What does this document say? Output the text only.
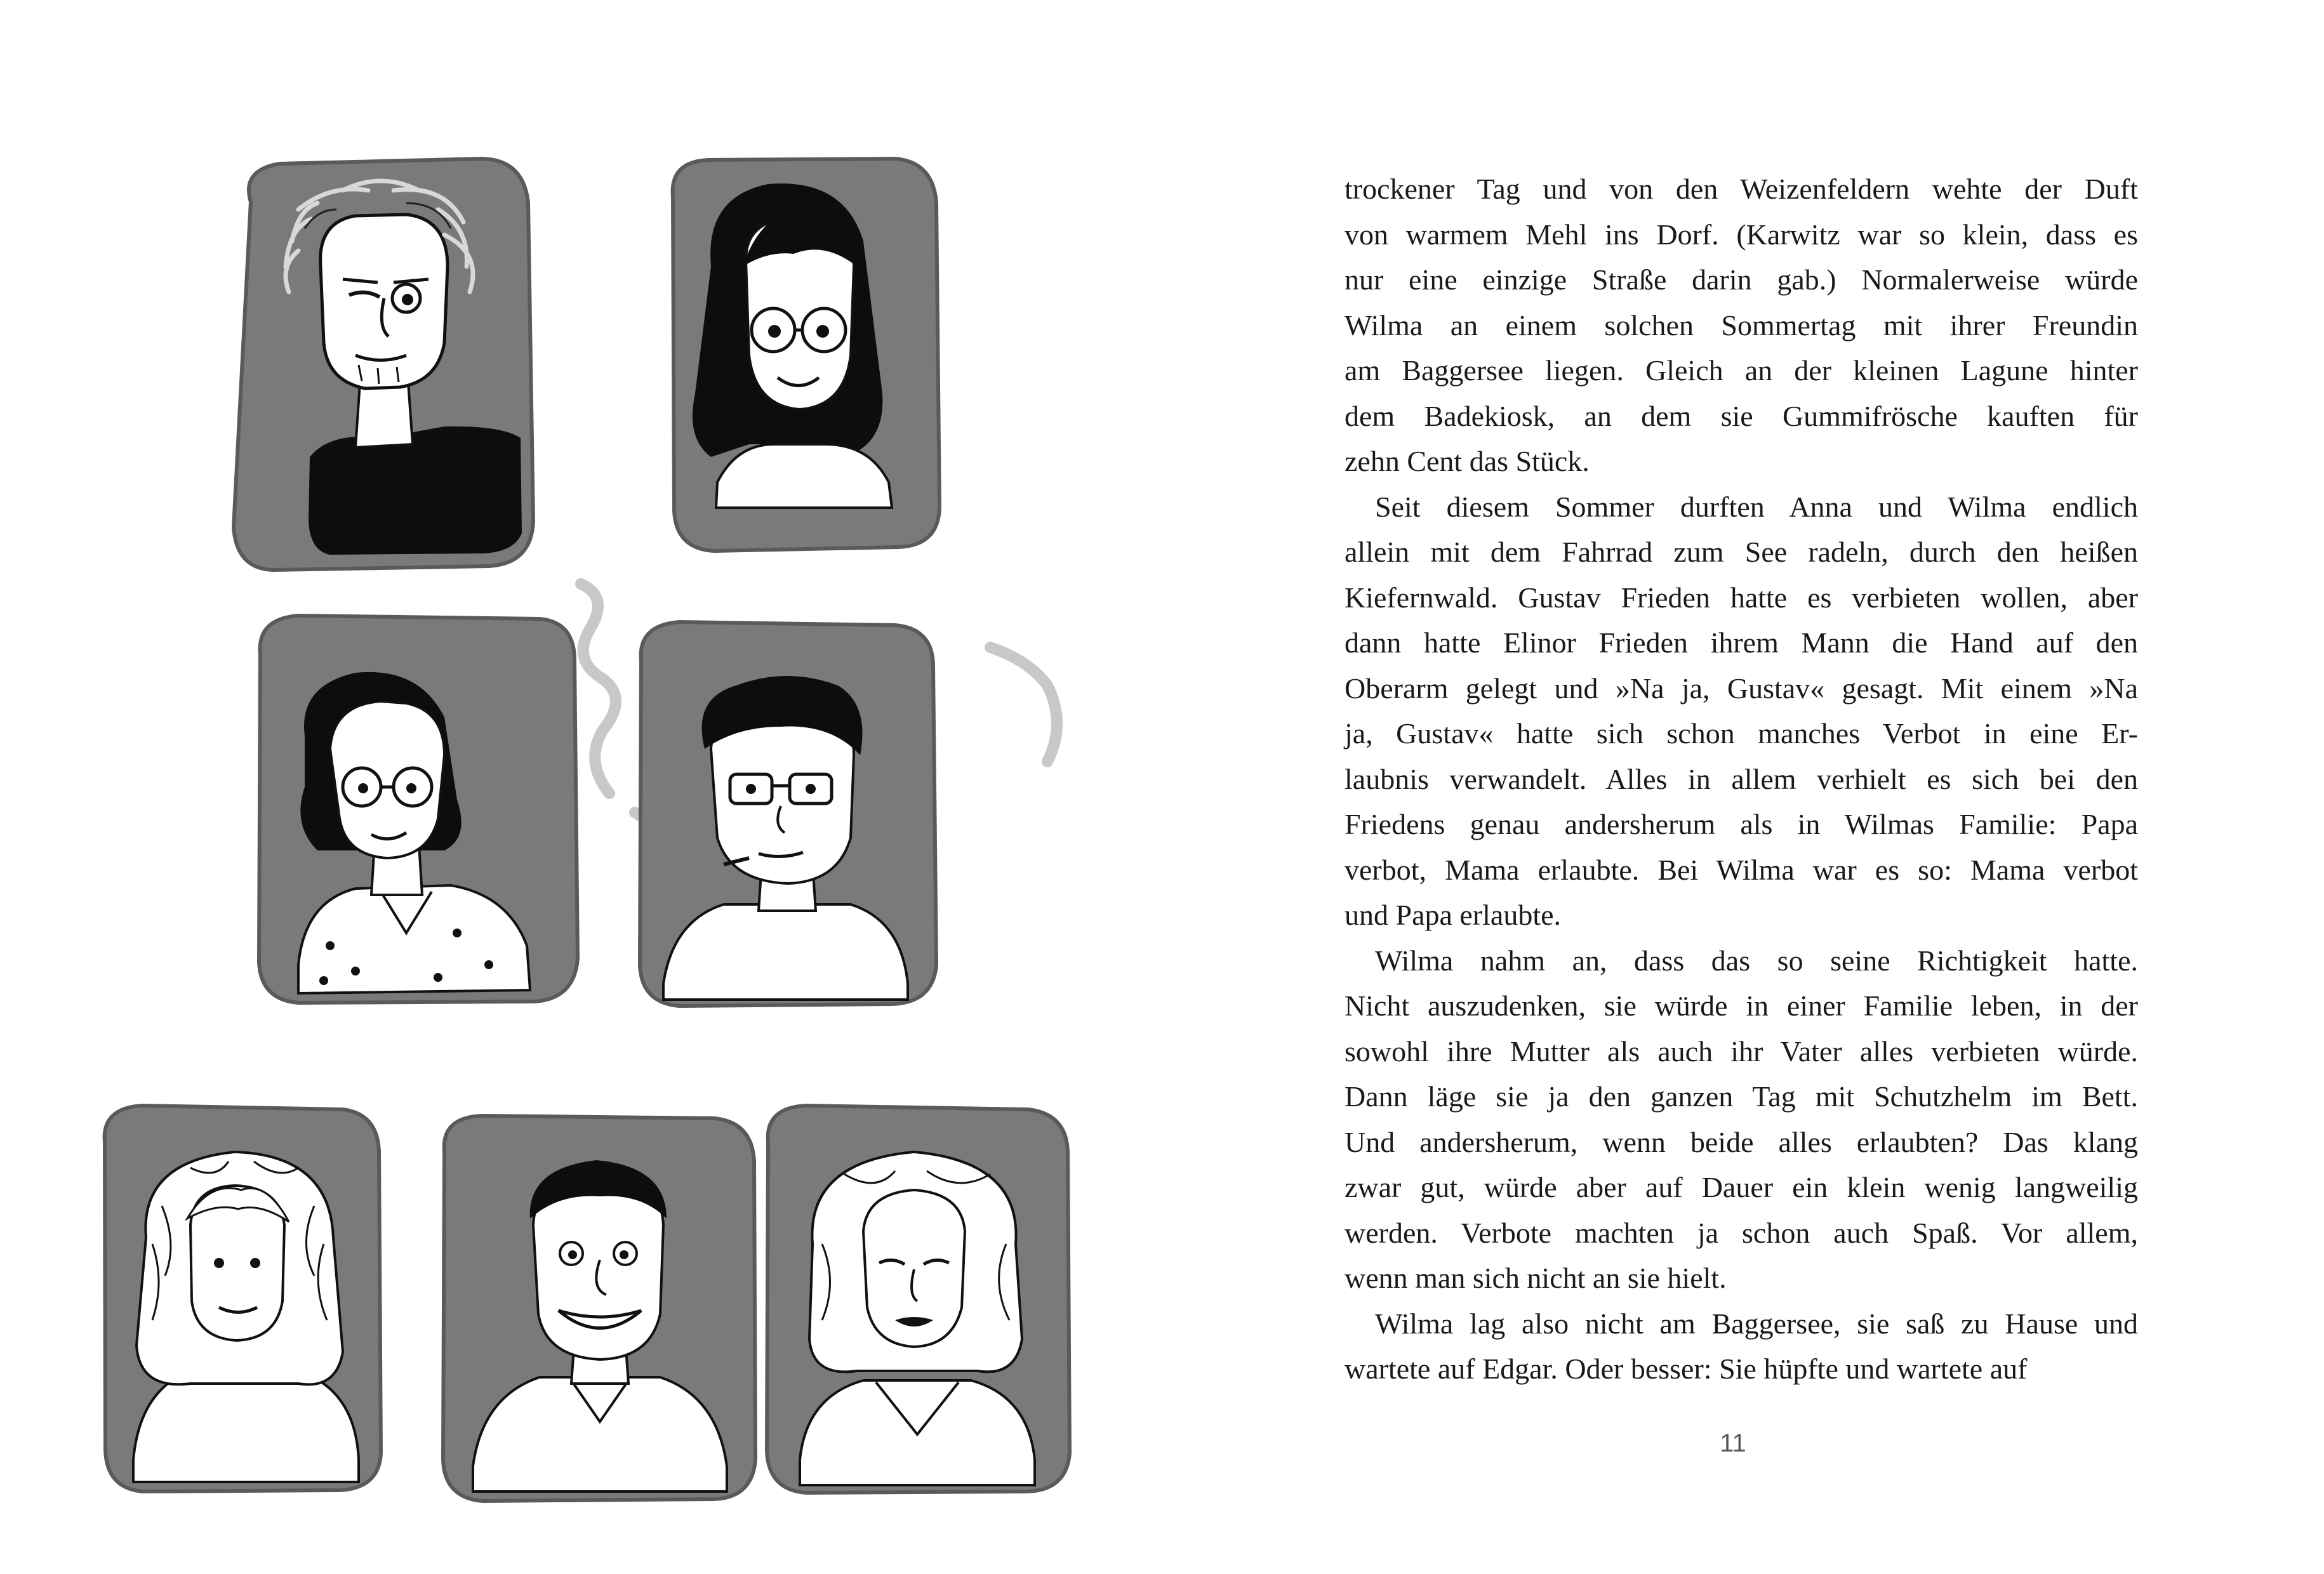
trockener Tag und von den Weizenfeldern wehte der Duft
von warmem Mehl ins Dorf. (Karwitz war so klein, dass es
nur eine einzige Straße darin gab.) Normalerweise würde
Wilma an einem solchen Sommertag mit ihrer Freundin
am Baggersee liegen. Gleich an der kleinen Lagune hinter
dem Badekiosk, an dem sie Gummifrösche kauften für
zehn Cent das Stück.
Seit diesem Sommer durften Anna und Wilma endlich
allein mit dem Fahrrad zum See radeln, durch den heißen
Kiefernwald. Gustav Frieden hatte es verbieten wollen, aber
dann hatte Elinor Frieden ihrem Mann die Hand auf den
Oberarm gelegt und »Na ja, Gustav« gesagt. Mit einem »Na
ja, Gustav« hatte sich schon manches Verbot in eine Er-
laubnis verwandelt. Alles in allem verhielt es sich bei den
Friedens genau andersherum als in Wilmas Familie: Papa
verbot, Mama erlaubte. Bei Wilma war es so: Mama verbot
und Papa erlaubte.
Wilma nahm an, dass das so seine Richtigkeit hatte.
Nicht auszudenken, sie würde in einer Familie leben, in der
sowohl ihre Mutter als auch ihr Vater alles verbieten würde.
Dann läge sie ja den ganzen Tag mit Schutzhelm im Bett.
Und andersherum, wenn beide alles erlaubten? Das klang
zwar gut, würde aber auf Dauer ein klein wenig langweilig
werden. Verbote machten ja schon auch Spaß. Vor allem,
wenn man sich nicht an sie hielt.
Wilma lag also nicht am Baggersee, sie saß zu Hause und
wartete auf Edgar. Oder besser: Sie hüpfte und wartete auf
11
